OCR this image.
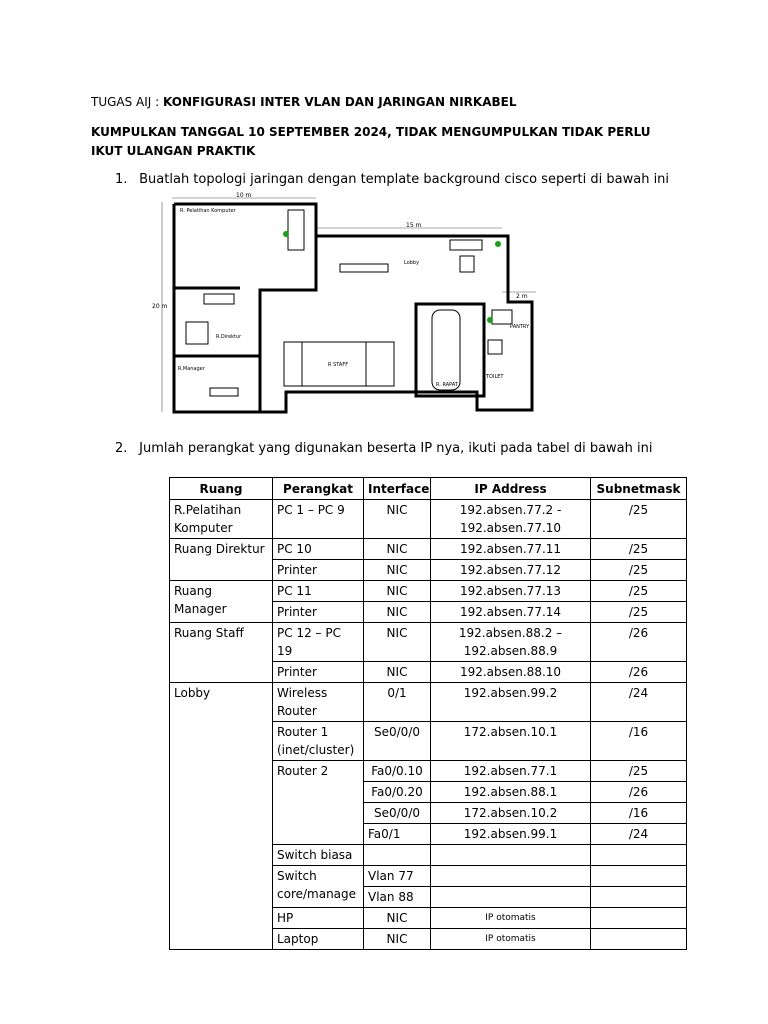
TUGAS AIJ : KONFIGURASI INTER VLAN DAN JARINGAN NIRKABEL
KUMPULKAN TANGGAL 10 SEPTEMBER 2024, TIDAK MENGUMPULKAN TIDAK PERLU IKUT ULANGAN PRAKTIK
1. Buatlah topologi jaringan dengan template background cisco seperti di bawah ini
10 m
15 m
20 m
2 m
R. Pelatihan Komputer
Lobby
R.Direktur
R.Manager
R STAFF
R. RAPAT
PANTRY
TOILET
2. Jumlah perangkat yang digunakan beserta IP nya, ikuti pada tabel di bawah ini
Ruang	Perangkat	Interface	IP Address	Subnetmask
R.Pelatihan Komputer	PC 1 – PC 9	NIC	192.absen.77.2 - 192.absen.77.10	/25
Ruang Direktur	PC 10	NIC	192.absen.77.11	/25
	Printer	NIC	192.absen.77.12	/25
Ruang Manager	PC 11	NIC	192.absen.77.13	/25
	Printer	NIC	192.absen.77.14	/25
Ruang Staff	PC 12 – PC 19	NIC	192.absen.88.2 – 192.absen.88.9	/26
	Printer	NIC	192.absen.88.10	/26
Lobby	Wireless Router	0/1	192.absen.99.2	/24
	Router 1 (inet/cluster)	Se0/0/0	172.absen.10.1	/16
	Router 2	Fa0/0.10	192.absen.77.1	/25
		Fa0/0.20	192.absen.88.1	/26
		Se0/0/0	172.absen.10.2	/16
		Fa0/1	192.absen.99.1	/24
	Switch biasa			
	Switch core/manage	Vlan 77		
		Vlan 88		
	HP	NIC	IP otomatis	
	Laptop	NIC	IP otomatis	
